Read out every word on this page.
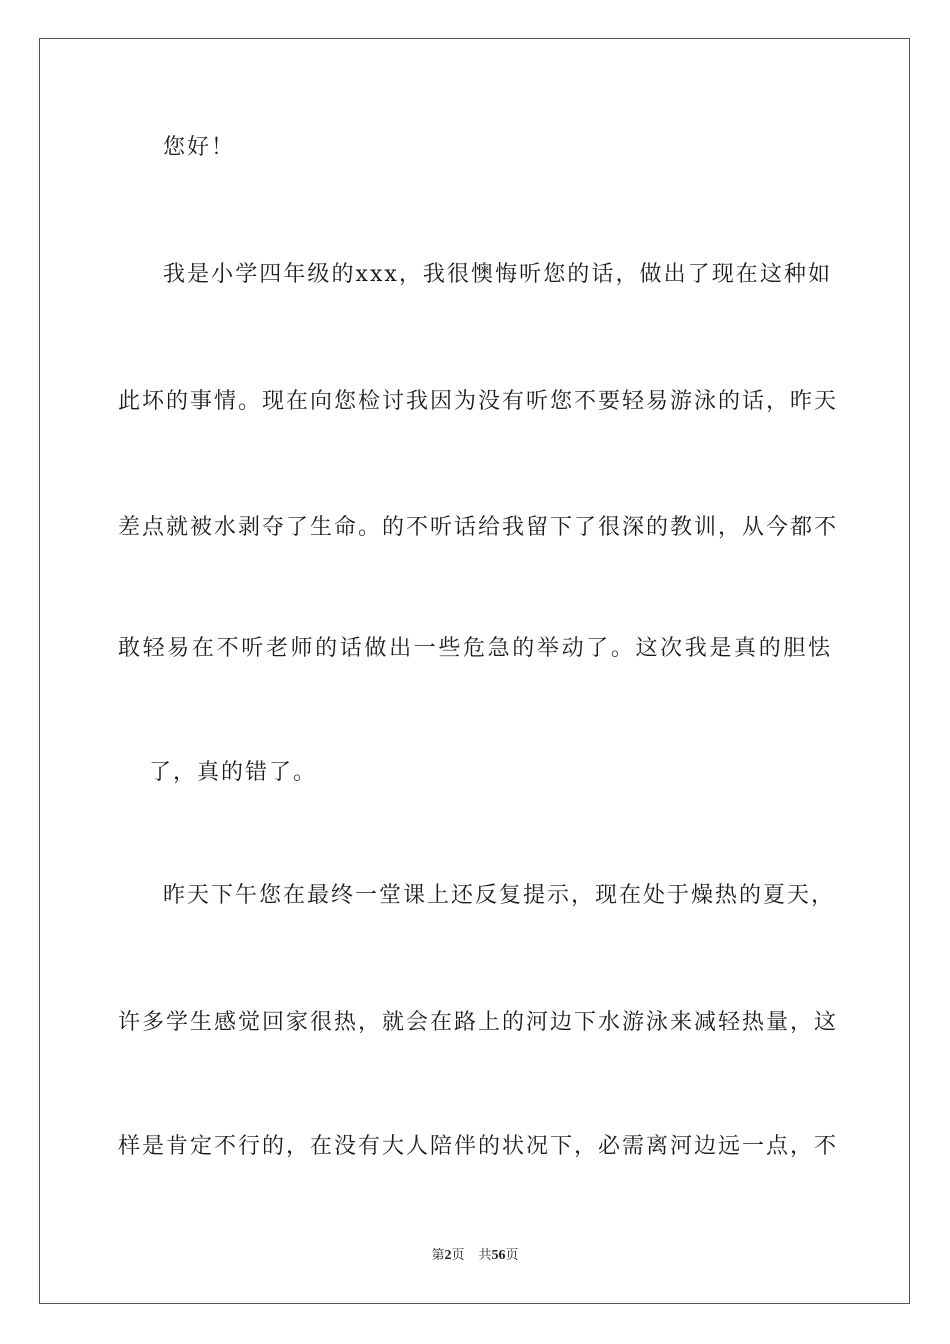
您好！
我是小学四年级的xxx，我很懊悔听您的话，做出了现在这种如
此坏的事情。现在向您检讨我因为没有听您不要轻易游泳的话，昨天
差点就被水剥夺了生命。的不听话给我留下了很深的教训，从今都不
敢轻易在不听老师的话做出一些危急的举动了。这次我是真的胆怯
了，真的错了。
昨天下午您在最终一堂课上还反复提示，现在处于燥热的夏天，
许多学生感觉回家很热，就会在路上的河边下水游泳来减轻热量，这
样是肯定不行的，在没有大人陪伴的状况下，必需离河边远一点，不
第2页 共56页
